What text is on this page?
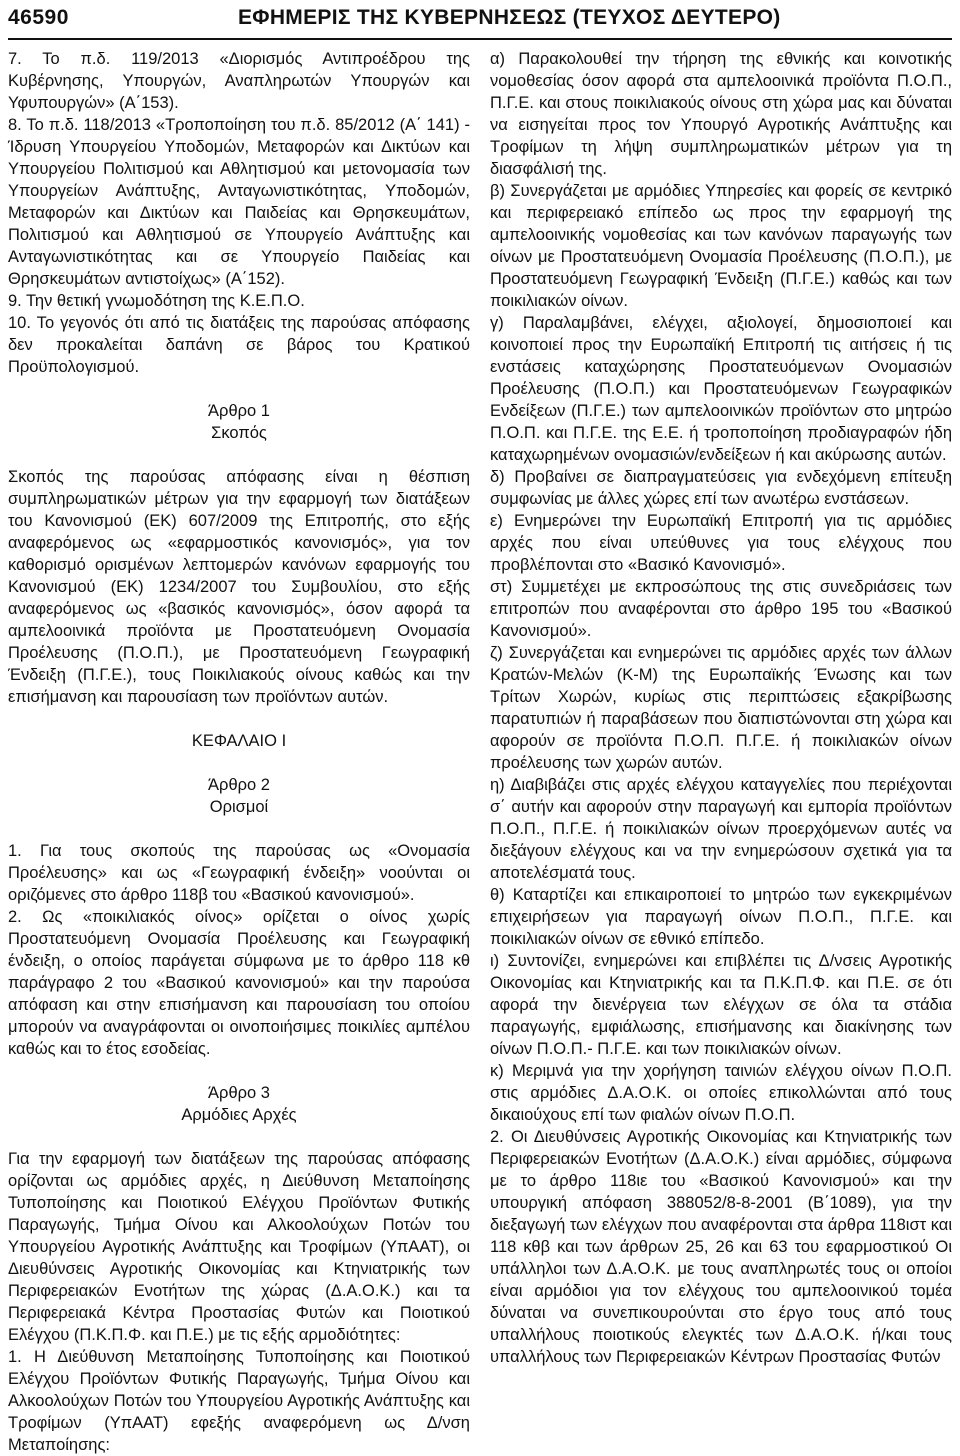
46590	ΕΦΗΜΕΡΙΣ ΤΗΣ ΚΥΒΕΡΝΗΣΕΩΣ (ΤΕΥΧΟΣ ΔΕΥΤΕΡΟ)

7. Το π.δ. 119/2013 «Διορισμός Αντιπροέδρου της Κυβέρνησης, Υπουργών, Αναπληρωτών Υπουργών και Υφυπουργών» (Α΄153).

8. Το π.δ. 118/2013 «Τροποποίηση του π.δ. 85/2012 (Α΄ 141) - Ίδρυση Υπουργείου Υποδομών, Μεταφορών και Δικτύων και Υπουργείου Πολιτισμού και Αθλητισμού και μετονομασία των Υπουργείων Ανάπτυξης, Ανταγωνιστικότητας, Υποδομών, Μεταφορών και Δικτύων και Παιδείας και Θρησκευμάτων, Πολιτισμού και Αθλητισμού σε Υπουργείο Ανάπτυξης και Ανταγωνιστικότητας και σε Υπουργείο Παιδείας και Θρησκευμάτων αντιστοίχως» (Α΄152).

9. Την θετική γνωμοδότηση της Κ.Ε.Π.Ο.

10. Το γεγονός ότι από τις διατάξεις της παρούσας απόφασης δεν προκαλείται δαπάνη σε βάρος του Κρατικού Προϋπολογισμού.

Άρθρο 1

Σκοπός

Σκοπός της παρούσας απόφασης είναι η θέσπιση συμπληρωματικών μέτρων για την εφαρμογή των διατάξεων του Κανονισμού (ΕΚ) 607/2009 της Επιτροπής, στο εξής αναφερόμενος ως «εφαρμοστικός κανονισμός», για τον καθορισμό ορισμένων λεπτομερών κανόνων εφαρμογής του Κανονισμού (ΕΚ) 1234/2007 του Συμβουλίου, στο εξής αναφερόμενος ως «βασικός κανονισμός», όσον αφορά τα αμπελοοινικά προϊόντα με Προστατευόμενη Ονομασία Προέλευσης (Π.Ο.Π.), με Προστατευόμενη Γεωγραφική Ένδειξη (Π.Γ.Ε.), τους Ποικιλιακούς οίνους καθώς και την επισήμανση και παρουσίαση των προϊόντων αυτών.

ΚΕΦΑΛΑΙΟ Ι

Άρθρο 2

Ορισμοί

1. Για τους σκοπούς της παρούσας ως «Ονομασία Προέλευσης» και ως «Γεωγραφική ένδειξη» νοούνται οι οριζόμενες στο άρθρο 118β του «Βασικού κανονισμού».

2. Ως «ποικιλιακός οίνος» ορίζεται ο οίνος χωρίς Προστατευόμενη Ονομασία Προέλευσης και Γεωγραφική ένδειξη, ο οποίος παράγεται σύμφωνα με το άρθρο 118 κθ παράγραφο 2 του «Βασικού κανονισμού» και την παρούσα απόφαση και στην επισήμανση και παρουσίαση του οποίου μπορούν να αναγράφονται οι οινοποιήσιμες ποικιλίες αμπέλου καθώς και το έτος εσοδείας.

Άρθρο 3

Αρμόδιες Αρχές

Για την εφαρμογή των διατάξεων της παρούσας απόφασης ορίζονται ως αρμόδιες αρχές, η Διεύθυνση Μεταποίησης Τυποποίησης και Ποιοτικού Ελέγχου Προϊόντων Φυτικής Παραγωγής, Τμήμα Οίνου και Αλκοολούχων Ποτών του Υπουργείου Αγροτικής Ανάπτυξης και Τροφίμων (ΥπΑΑΤ), οι Διευθύνσεις Αγροτικής Οικονομίας και Κτηνιατρικής των Περιφερειακών Ενοτήτων της χώρας (Δ.Α.Ο.Κ.) και τα Περιφερειακά Κέντρα Προστασίας Φυτών και Ποιοτικού Ελέγχου (Π.Κ.Π.Φ. και Π.Ε.) με τις εξής αρμοδιότητες:

1. Η Διεύθυνση Μεταποίησης Τυποποίησης και Ποιοτικού Ελέγχου Προϊόντων Φυτικής Παραγωγής, Τμήμα Οίνου και Αλκοολούχων Ποτών του Υπουργείου Αγροτικής Ανάπτυξης και Τροφίμων (ΥπΑΑΤ) εφεξής αναφερόμενη ως Δ/νση Μεταποίησης:

α) Παρακολουθεί την τήρηση της εθνικής και κοινοτικής νομοθεσίας όσον αφορά στα αμπελοοινικά προϊόντα Π.Ο.Π., Π.Γ.Ε. και στους ποικιλιακούς οίνους στη χώρα μας και δύναται να εισηγείται προς τον Υπουργό Αγροτικής Ανάπτυξης και Τροφίμων τη λήψη συμπληρωματικών μέτρων για τη διασφάλισή της.

β) Συνεργάζεται με αρμόδιες Υπηρεσίες και φορείς σε κεντρικό και περιφερειακό επίπεδο ως προς την εφαρμογή της αμπελοοινικής νομοθεσίας και των κανόνων παραγωγής των οίνων με Προστατευόμενη Ονομασία Προέλευσης (Π.Ο.Π.), με Προστατευόμενη Γεωγραφική Ένδειξη (Π.Γ.Ε.) καθώς και των ποικιλιακών οίνων.

γ) Παραλαμβάνει, ελέγχει, αξιολογεί, δημοσιοποιεί και κοινοποιεί προς την Ευρωπαϊκή Επιτροπή τις αιτήσεις ή τις ενστάσεις καταχώρησης Προστατευόμενων Ονομασιών Προέλευσης (Π.Ο.Π.) και Προστατευόμενων Γεωγραφικών Ενδείξεων (Π.Γ.Ε.) των αμπελοοινικών προϊόντων στο μητρώο Π.Ο.Π. και Π.Γ.Ε. της Ε.Ε. ή τροποποίηση προδιαγραφών ήδη καταχωρημένων ονομασιών/ενδείξεων ή και ακύρωσης αυτών.

δ) Προβαίνει σε διαπραγματεύσεις για ενδεχόμενη επίτευξη συμφωνίας με άλλες χώρες επί των ανωτέρω ενστάσεων.

ε) Ενημερώνει την Ευρωπαϊκή Επιτροπή για τις αρμόδιες αρχές που είναι υπεύθυνες για τους ελέγχους που προβλέπονται στο «Βασικό Κανονισμό».

στ) Συμμετέχει με εκπροσώπους της στις συνεδριάσεις των επιτροπών που αναφέρονται στο άρθρο 195 του «Βασικού Κανονισμού».

ζ) Συνεργάζεται και ενημερώνει τις αρμόδιες αρχές των άλλων Κρατών-Μελών (Κ-Μ) της Ευρωπαϊκής Ένωσης και των Τρίτων Χωρών, κυρίως στις περιπτώσεις εξακρίβωσης παρατυπιών ή παραβάσεων που διαπιστώνονται στη χώρα και αφορούν σε προϊόντα Π.Ο.Π. Π.Γ.Ε. ή ποικιλιακών οίνων προέλευσης των χωρών αυτών.

η) Διαβιβάζει στις αρχές ελέγχου καταγγελίες που περιέχονται σ΄ αυτήν και αφορούν στην παραγωγή και εμπορία προϊόντων Π.Ο.Π., Π.Γ.Ε. ή ποικιλιακών οίνων προερχόμενων αυτές να διεξάγουν ελέγχους και να την ενημερώσουν σχετικά για τα αποτελέσματά τους.

θ) Καταρτίζει και επικαιροποιεί το μητρώο των εγκεκριμένων επιχειρήσεων για παραγωγή οίνων Π.Ο.Π., Π.Γ.Ε. και ποικιλιακών οίνων σε εθνικό επίπεδο.

ι) Συντονίζει, ενημερώνει και επιβλέπει τις Δ/νσεις Αγροτικής Οικονομίας και Κτηνιατρικής και τα Π.Κ.Π.Φ. και Π.Ε. σε ότι αφορά την διενέργεια των ελέγχων σε όλα τα στάδια παραγωγής, εμφιάλωσης, επισήμανσης και διακίνησης των οίνων Π.Ο.Π.- Π.Γ.Ε. και των ποικιλιακών οίνων.

κ) Μεριμνά για την χορήγηση ταινιών ελέγχου οίνων Π.Ο.Π. στις αρμόδιες Δ.Α.Ο.Κ. οι οποίες επικολλώνται από τους δικαιούχους επί των φιαλών οίνων Π.Ο.Π.

2. Οι Διευθύνσεις Αγροτικής Οικονομίας και Κτηνιατρικής των Περιφερειακών Ενοτήτων (Δ.Α.Ο.Κ.) είναι αρμόδιες, σύμφωνα με το άρθρο 118ιε του «Βασικού Κανονισμού» και την υπουργική απόφαση 388052/8-8-2001 (Β΄1089), για την διεξαγωγή των ελέγχων που αναφέρονται στα άρθρα 118ιστ και 118 κθβ και των άρθρων 25, 26 και 63 του εφαρμοστικού Οι υπάλληλοι των Δ.Α.Ο.Κ. με τους αναπληρωτές τους οι οποίοι είναι αρμόδιοι για τον ελέγχους του αμπελοοινικού τομέα δύναται να συνεπικουρούνται στο έργο τους από τους υπαλλήλους ποιοτικούς ελεγκτές των Δ.Α.Ο.Κ. ή/και τους υπαλλήλους των Περιφερειακών Κέντρων Προστασίας Φυτών
